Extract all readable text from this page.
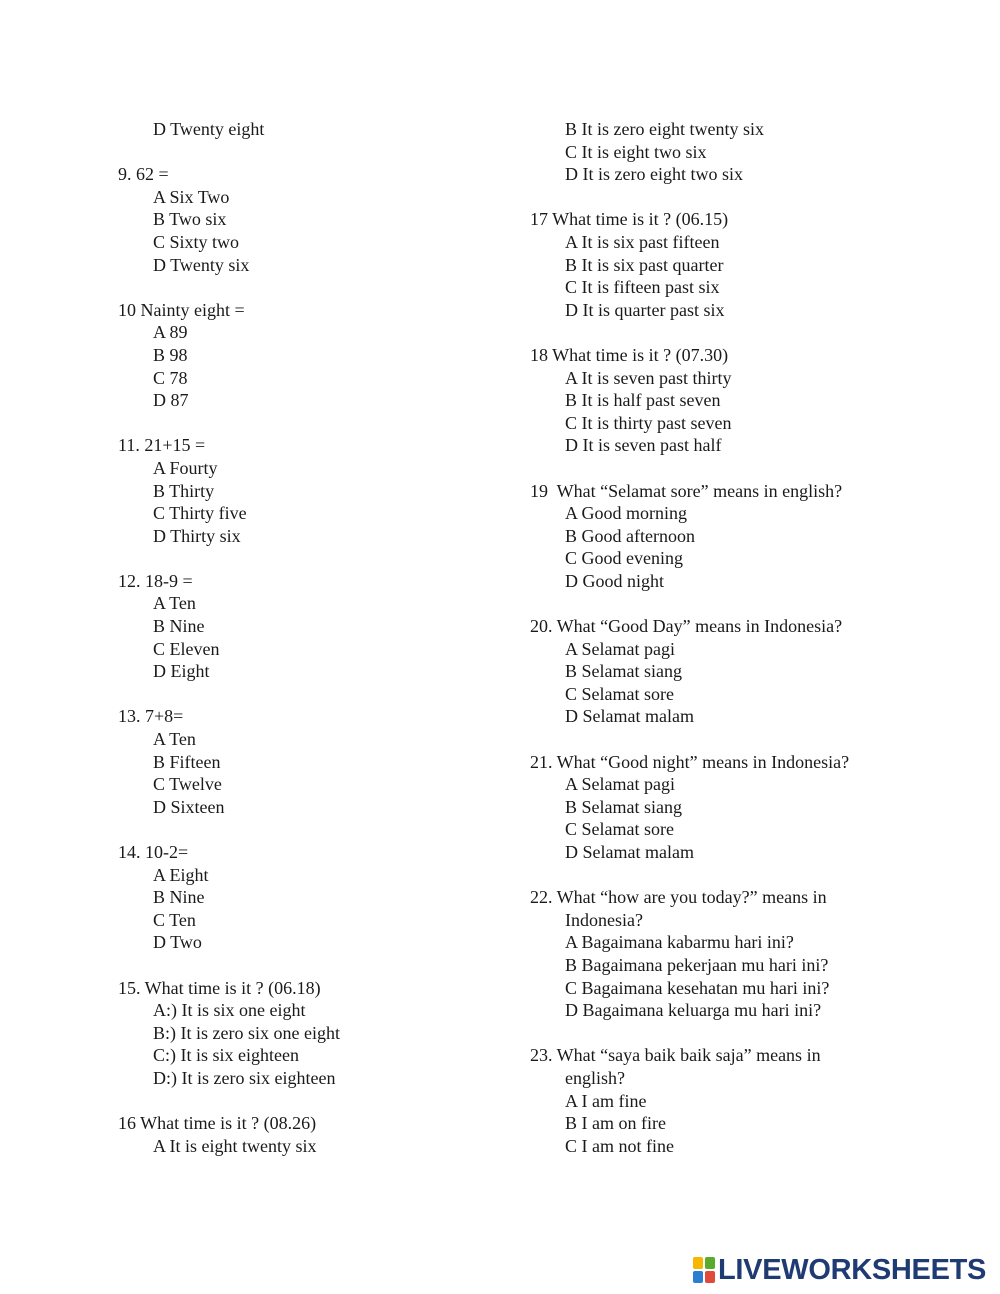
D Twenty eight
9. 62 =
A Six Two
B Two six
C Sixty two
D Twenty six
10 Nainty eight =
A 89
B 98
C 78
D 87
11. 21+15 =
A Fourty
B Thirty
C Thirty five
D Thirty six
12. 18-9 =
A Ten
B Nine
C Eleven
D Eight
13. 7+8=
A Ten
B Fifteen
C Twelve
D Sixteen
14. 10-2=
A Eight
B Nine
C Ten
D Two
15. What time is it ? (06.18)
A:) It is six one eight
B:) It is zero six one eight
C:) It is six eighteen
D:) It is zero six eighteen
16 What time is it ? (08.26)
A It is eight twenty six
B It is zero eight twenty six
C It is eight two six
D It is zero eight two six
17 What time is it ? (06.15)
A It is six past fifteen
B It is six past quarter
C It is fifteen past six
D It is quarter past six
18 What time is it ? (07.30)
A It is seven past thirty
B It is half past seven
C It is thirty past seven
D It is seven past half
19  What “Selamat sore” means in english?
A Good morning
B Good afternoon
C Good evening
D Good night
20. What “Good Day” means in Indonesia?
A Selamat pagi
B Selamat siang
C Selamat sore
D Selamat malam
21. What “Good night” means in Indonesia?
A Selamat pagi
B Selamat siang
C Selamat sore
D Selamat malam
22. What “how are you today?” means in
Indonesia?
A Bagaimana kabarmu hari ini?
B Bagaimana pekerjaan mu hari ini?
C Bagaimana kesehatan mu hari ini?
D Bagaimana keluarga mu hari ini?
23. What “saya baik baik saja” means in
english?
A I am fine
B I am on fire
C I am not fine
LIVEWORKSHEETS
